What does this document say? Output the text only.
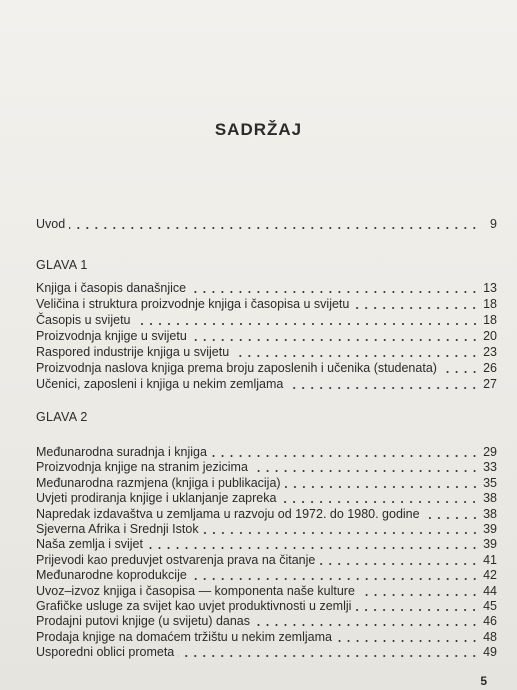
SADRŽAJ
Uvod	9
GLAVA 1
Knjiga i časopis današnjice	13
Veličina i struktura proizvodnje knjiga i časopisa u svijetu	18
Časopis u svijetu	18
Proizvodnja knjige u svijetu	20
Raspored industrije knjiga u svijetu	23
Proizvodnja naslova knjiga prema broju zaposlenih i učenika (studenata)	26
Učenici, zaposleni i knjiga u nekim zemljama	27
GLAVA 2
Međunarodna suradnja i knjiga	29
Proizvodnja knjige na stranim jezicima	33
Međunarodna razmjena (knjiga i publikacija)	35
Uvjeti prodiranja knjige i uklanjanje zapreka	38
Napredak izdavaštva u zemljama u razvoju od 1972. do 1980. godine	38
Sjeverna Afrika i Srednji Istok	39
Naša zemlja i svijet	39
Prijevodi kao preduvjet ostvarenja prava na čitanje	41
Međunarodne koprodukcije	42
Uvoz–izvoz knjiga i časopisa — komponenta naše kulture	44
Grafičke usluge za svijet kao uvjet produktivnosti u zemlji	45
Prodajni putovi knjige (u svijetu) danas	46
Prodaja knjige na domaćem tržištu u nekim zemljama	48
Usporedni oblici prometa	49
5
